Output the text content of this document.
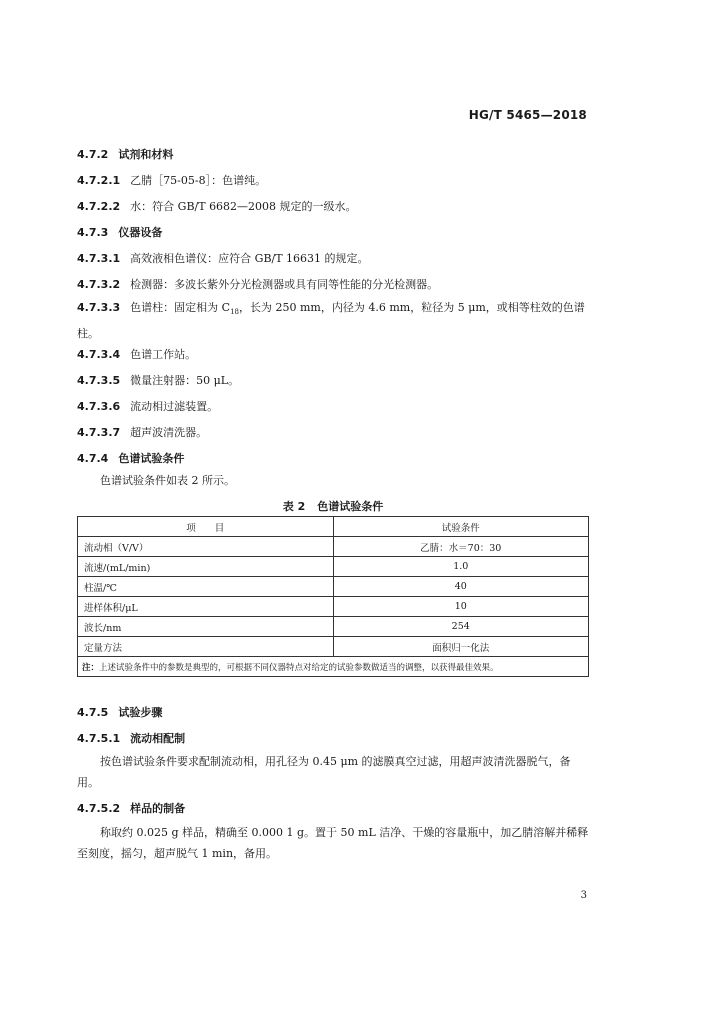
HG/T 5465—2018
4.7.2 试剂和材料
4.7.2.1 乙腈［75-05-8］：色谱纯。
4.7.2.2 水：符合 GB/T 6682—2008 规定的一级水。
4.7.3 仪器设备
4.7.3.1 高效液相色谱仪：应符合 GB/T 16631 的规定。
4.7.3.2 检测器：多波长紫外分光检测器或具有同等性能的分光检测器。
4.7.3.3 色谱柱：固定相为 $C_{18}$，长为 250 mm，内径为 4.6 mm，粒径为 5 μm，或相等柱效的色谱柱。
4.7.3.4 色谱工作站。
4.7.3.5 微量注射器：50 μL。
4.7.3.6 流动相过滤装置。
4.7.3.7 超声波清洗器。
4.7.4 色谱试验条件
色谱试验条件如表 2 所示。
表 2 色谱试验条件
项　　目	试验条件
流动相（V/V）	乙腈：水＝70：30
流速/(mL/min)	1.0
柱温/℃	40
进样体积/μL	10
波长/nm	254
定量方法	面积归一化法
注：上述试验条件中的参数是典型的，可根据不同仪器特点对给定的试验参数做适当的调整，以获得最佳效果。	
4.7.5 试验步骤
4.7.5.1 流动相配制
按色谱试验条件要求配制流动相，用孔径为 0.45 μm 的滤膜真空过滤，用超声波清洗器脱气，备用。
4.7.5.2 样品的制备
称取约 0.025 g 样品，精确至 0.000 1 g。置于 50 mL 洁净、干燥的容量瓶中，加乙腈溶解并稀释至刻度，摇匀，超声脱气 1 min，备用。
3
